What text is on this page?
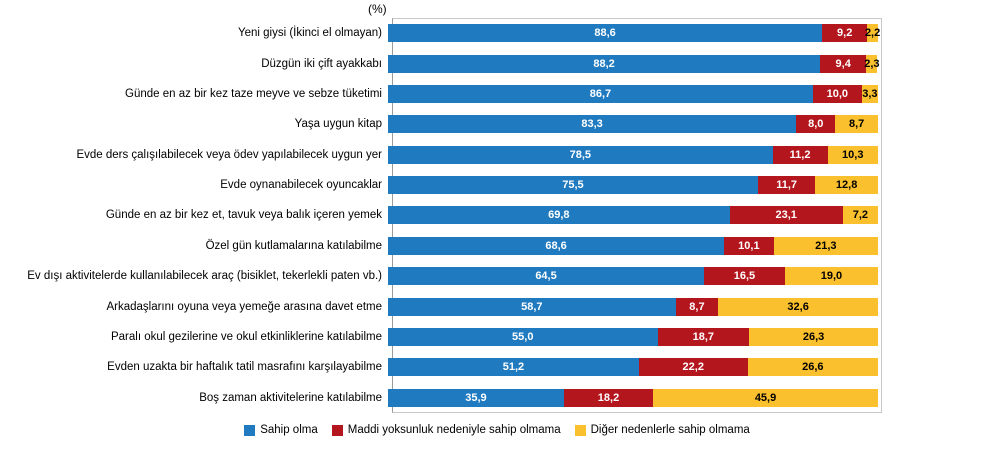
(%)
Yeni giysi (İkinci el olmayan)	88,6	9,2 2,2
Düzgün iki çift ayakkabı	88,2	9,4 2,3
Günde en az bir kez taze meyve ve sebze tüketimi	86,7	10,0 3,3
Yaşa uygun kitap	83,3	8,0 8,7
Evde ders çalışılabilecek veya ödev yapılabilecek uygun yer	78,5	11,2	10,3
Evde oynanabilecek oyuncaklar	75,5	11,7	12,8
Günde en az bir kez et, tavuk veya balık içeren yemek	69,8	23,1	7,2
Özel gün kutlamalarına katılabilme	68,6	10,1	21,3
Ev dışı aktivitelerde kullanılabilecek araç (bisiklet, tekerlekli paten vb.)	64,5	16,5	19,0
Arkadaşlarını oyuna veya yemeğe arasına davet etme	58,7	8,7	32,6
Paralı okul gezilerine ve okul etkinliklerine katılabilme	55,0	18,7	26,3
Evden uzakta bir haftalık tatil masrafını karşılayabilme	51,2	22,2	26,6
Boş zaman aktivitelerine katılabilme	35,9	18,2	45,9
Sahip olma	Maddi yoksunluk nedeniyle sahip olmama	Diğer nedenlerle sahip olmama
